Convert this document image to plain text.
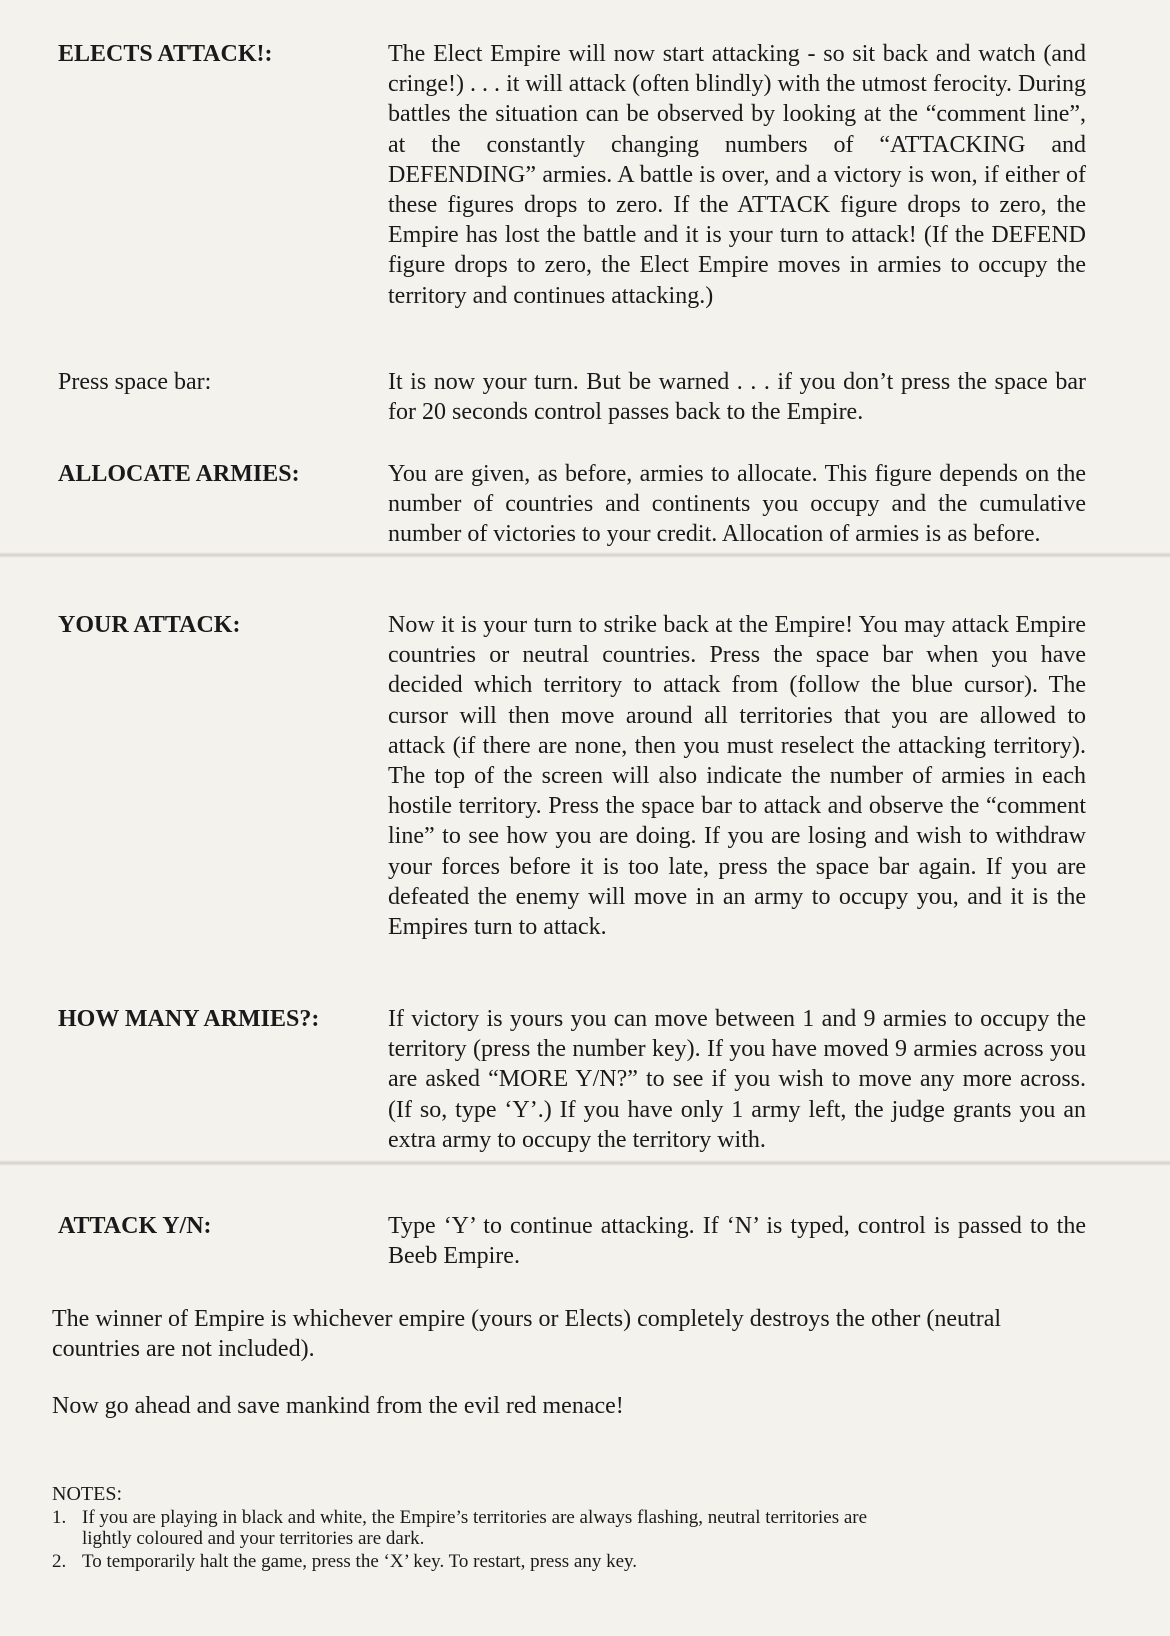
ELECTS ATTACK!:	The Elect Empire will now start attacking - so sit back and watch (and cringe!) . . . it will attack (often blindly) with the utmost ferocity. During battles the situation can be observed by looking at the “comment line”, at the constantly changing numbers of “ATTACKING and DEFENDING” armies. A battle is over, and a victory is won, if either of these figures drops to zero. If the ATTACK figure drops to zero, the Empire has lost the battle and it is your turn to attack! (If the DEFEND figure drops to zero, the Elect Empire moves in armies to occupy the territory and continues attacking.)
Press space bar:	It is now your turn. But be warned . . . if you don’t press the space bar for 20 seconds control passes back to the Empire.
ALLOCATE ARMIES:	You are given, as before, armies to allocate. This figure depends on the number of countries and continents you occupy and the cumulative number of victories to your credit. Allocation of armies is as before.
YOUR ATTACK:	Now it is your turn to strike back at the Empire! You may attack Empire countries or neutral countries. Press the space bar when you have decided which territory to attack from (follow the blue cursor). The cursor will then move around all territories that you are allowed to attack (if there are none, then you must reselect the attacking territory). The top of the screen will also indicate the number of armies in each hostile territory. Press the space bar to attack and observe the “comment line” to see how you are doing. If you are losing and wish to withdraw your forces before it is too late, press the space bar again. If you are defeated the enemy will move in an army to occupy you, and it is the Empires turn to attack.
HOW MANY ARMIES?:	If victory is yours you can move between 1 and 9 armies to occupy the territory (press the number key). If you have moved 9 armies across you are asked “MORE Y/N?” to see if you wish to move any more across. (If so, type ‘Y’.) If you have only 1 army left, the judge grants you an extra army to occupy the territory with.
ATTACK Y/N:	Type ‘Y’ to continue attacking. If ‘N’ is typed, control is passed to the Beeb Empire.
The winner of Empire is whichever empire (yours or Elects) completely destroys the other (neutral countries are not included).
Now go ahead and save mankind from the evil red menace!
NOTES:
1. If you are playing in black and white, the Empire’s territories are always flashing, neutral territories are
lightly coloured and your territories are dark.
2. To temporarily halt the game, press the ‘X’ key. To restart, press any key.
